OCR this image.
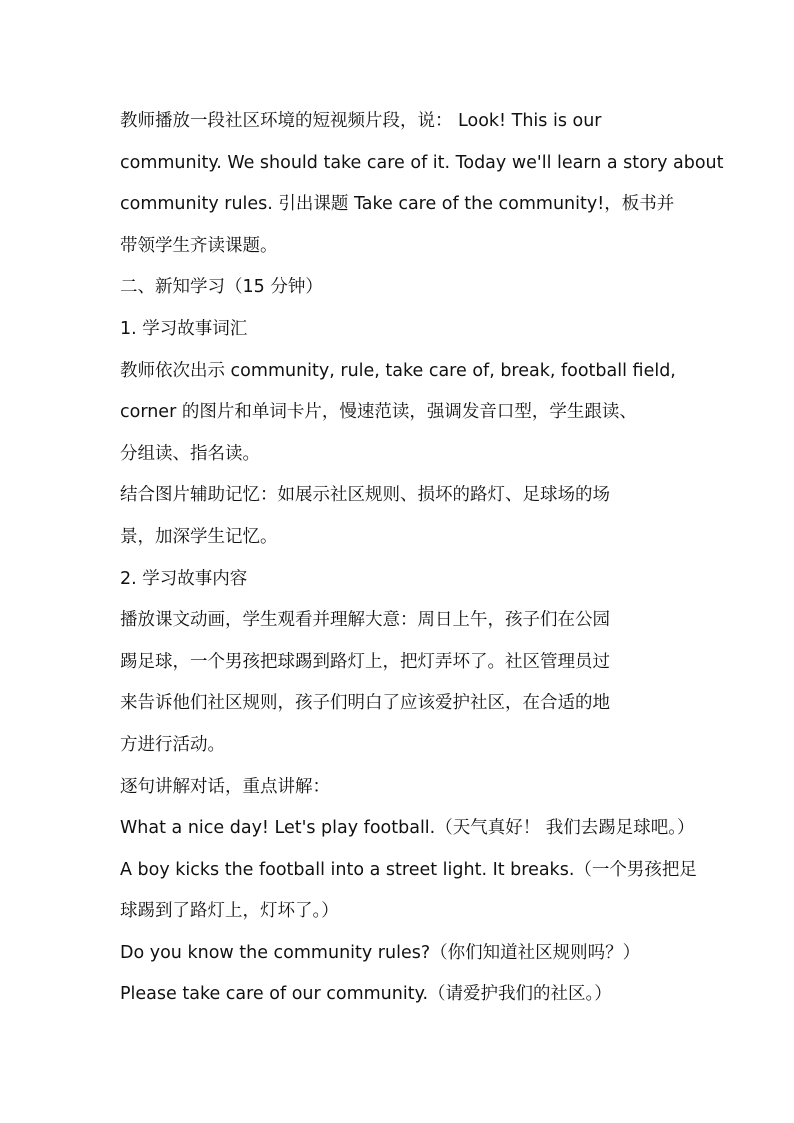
教师播放一段社区环境的短视频片段，说： Look! This is our
community. We should take care of it. Today we'll learn a story about
community rules. 引出课题 Take care of the community!，板书并
带领学生齐读课题。
二、新知学习（15 分钟）
1. 学习故事词汇
教师依次出示 community, rule, take care of, break, football field,
corner 的图片和单词卡片，慢速范读，强调发音口型，学生跟读、
分组读、指名读。
结合图片辅助记忆：如展示社区规则、损坏的路灯、足球场的场
景，加深学生记忆。
2. 学习故事内容
播放课文动画，学生观看并理解大意：周日上午，孩子们在公园
踢足球，一个男孩把球踢到路灯上，把灯弄坏了。社区管理员过
来告诉他们社区规则，孩子们明白了应该爱护社区，在合适的地
方进行活动。
逐句讲解对话，重点讲解：
What a nice day! Let's play football.（天气真好！ 我们去踢足球吧。）
A boy kicks the football into a street light. It breaks.（一个男孩把足
球踢到了路灯上，灯坏了。）
Do you know the community rules?（你们知道社区规则吗？）
Please take care of our community.（请爱护我们的社区。）
